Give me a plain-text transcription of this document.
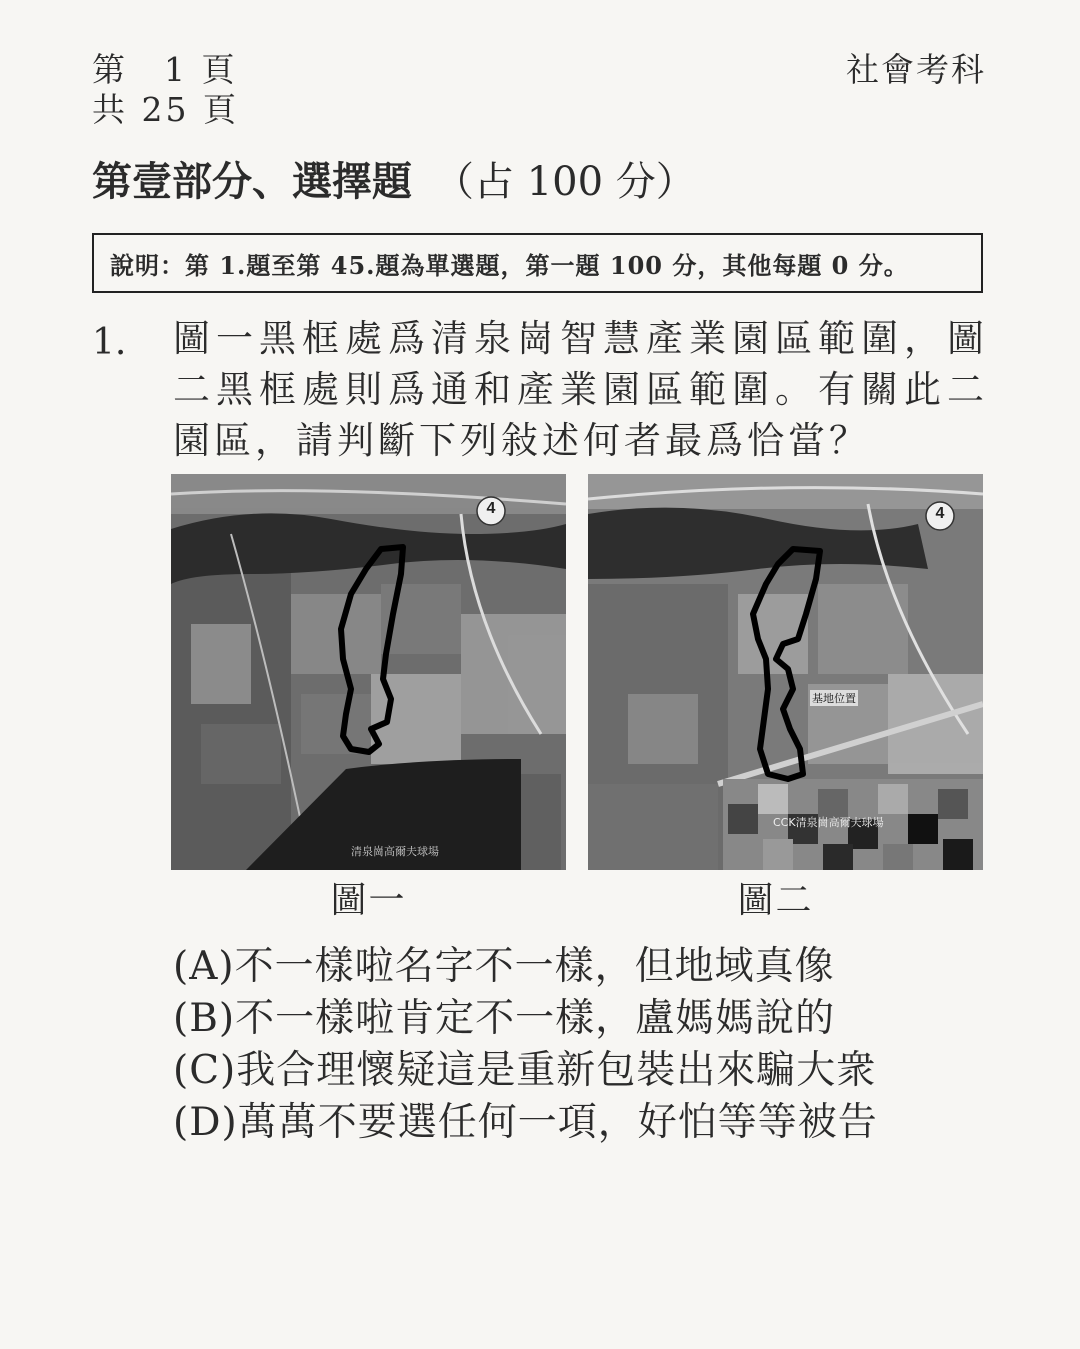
第　1 頁
共 25 頁
社會考科
第壹部分、選擇題 （占 100 分）
說明：第 1.題至第 45.題為單選題，第一題 100 分，其他每題 0 分。
1. 圖一黑框處爲清泉崗智慧產業園區範圍，圖二黑框處則爲通和產業園區範圍。有關此二園區，請判斷下列敍述何者最爲恰當？
4
清泉崗高爾夫球場
4
基地位置
CCK清泉崗高爾夫球場
圖一	圖二
(A)不一樣啦名字不一樣，但地域真像
(B)不一樣啦肯定不一樣，盧媽媽說的
(C)我合理懷疑這是重新包裝出來騙大衆
(D)萬萬不要選任何一項，好怕等等被告
